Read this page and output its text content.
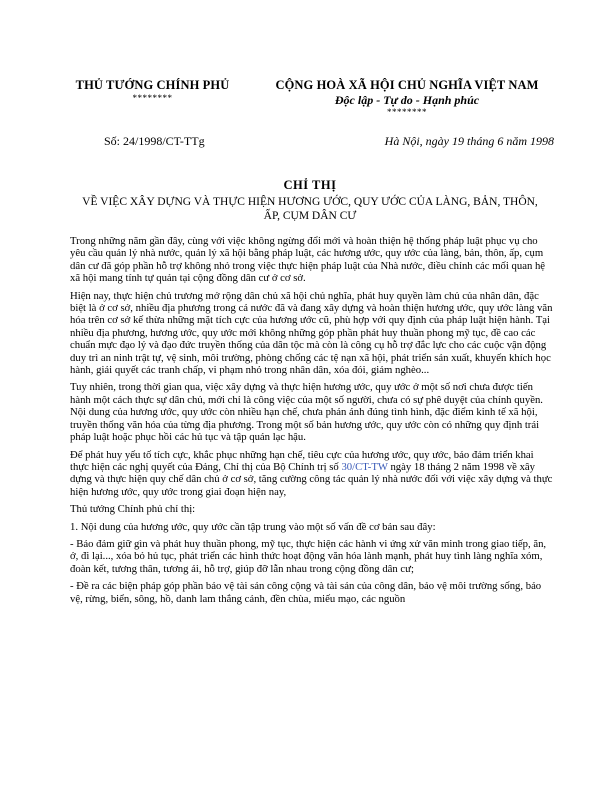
THỦ TƯỚNG CHÍNH PHỦ
********
CỘNG HOÀ XÃ HỘI CHỦ NGHĨA VIỆT NAM
Độc lập - Tự do - Hạnh phúc
********
Số: 24/1998/CT-TTg	Hà Nội, ngày 19 tháng 6 năm 1998
CHỈ THỊ
VỀ VIỆC XÂY DỰNG VÀ THỰC HIỆN HƯƠNG ƯỚC, QUY ƯỚC CỦA LÀNG, BẢN, THÔN, ẤP, CỤM DÂN CƯ

Trong những năm gần đây, cùng với việc không ngừng đổi mới và hoàn thiện hệ thống pháp luật phục vụ cho yêu cầu quản lý nhà nước, quản lý xã hội bằng pháp luật, các hương ước, quy ước của làng, bản, thôn, ấp, cụm dân cư đã góp phần hỗ trợ không nhỏ trong việc thực hiện pháp luật của Nhà nước, điều chỉnh các mối quan hệ xã hội mang tính tự quản tại cộng đồng dân cư ở cơ sở.

Hiện nay, thực hiện chủ trương mở rộng dân chủ xã hội chủ nghĩa, phát huy quyền làm chủ của nhân dân, đặc biệt là ở cơ sở, nhiều địa phương trong cả nước đã và đang xây dựng và hoàn thiện hương ước, quy ước làng văn hóa trên cơ sở kế thừa những mặt tích cực của hương ước cũ, phù hợp với quy định của pháp luật hiện hành. Tại nhiều địa phương, hương ước, quy ước mới không những góp phần phát huy thuần phong mỹ tục, đề cao các chuẩn mực đạo lý và đạo đức truyền thống của dân tộc mà còn là công cụ hỗ trợ đắc lực cho các cuộc vận động duy trì an ninh trật tự, vệ sinh, môi trường, phòng chống các tệ nạn xã hội, phát triển sản xuất, khuyến khích học hành, giải quyết các tranh chấp, vi phạm nhỏ trong nhân dân, xóa đói, giảm nghèo...

Tuy nhiên, trong thời gian qua, việc xây dựng và thực hiện hương ước, quy ước ở một số nơi chưa được tiến hành một cách thực sự dân chủ, mới chỉ là công việc của một số người, chưa có sự phê duyệt của chính quyền. Nội dung của hương ước, quy ước còn nhiều hạn chế, chưa phản ánh đúng tình hình, đặc điểm kinh tế xã hội, truyền thống văn hóa của từng địa phương. Trong một số bản hương ước, quy ước còn có những quy định trái pháp luật hoặc phục hồi các hủ tục và tập quán lạc hậu.

Để phát huy yếu tố tích cực, khắc phục những hạn chế, tiêu cực của hương ước, quy ước, bảo đảm triển khai thực hiện các nghị quyết của Đảng, Chỉ thị của Bộ Chính trị số 30/CT-TW ngày 18 tháng 2 năm 1998 về xây dựng và thực hiện quy chế dân chủ ở cơ sở, tăng cường công tác quản lý nhà nước đối với việc xây dựng và thực hiện hương ước, quy ước trong giai đoạn hiện nay,

Thủ tướng Chính phủ chỉ thị:

1. Nội dung của hương ước, quy ước cần tập trung vào một số vấn đề cơ bản sau đây:

- Bảo đảm giữ gìn và phát huy thuần phong, mỹ tục, thực hiện các hành vi ứng xử văn minh trong giao tiếp, ăn, ở, đi lại..., xóa bỏ hủ tục, phát triển các hình thức hoạt động văn hóa lành mạnh, phát huy tình làng nghĩa xóm, đoàn kết, tương thân, tương ái, hỗ trợ, giúp đỡ lẫn nhau trong cộng đồng dân cư;

- Đề ra các biện pháp góp phần bảo vệ tài sản công cộng và tài sản của công dân, bảo vệ môi trường sống, bảo vệ, rừng, biển, sông, hồ, danh lam thắng cảnh, đền chùa, miếu mạo, các nguồn
